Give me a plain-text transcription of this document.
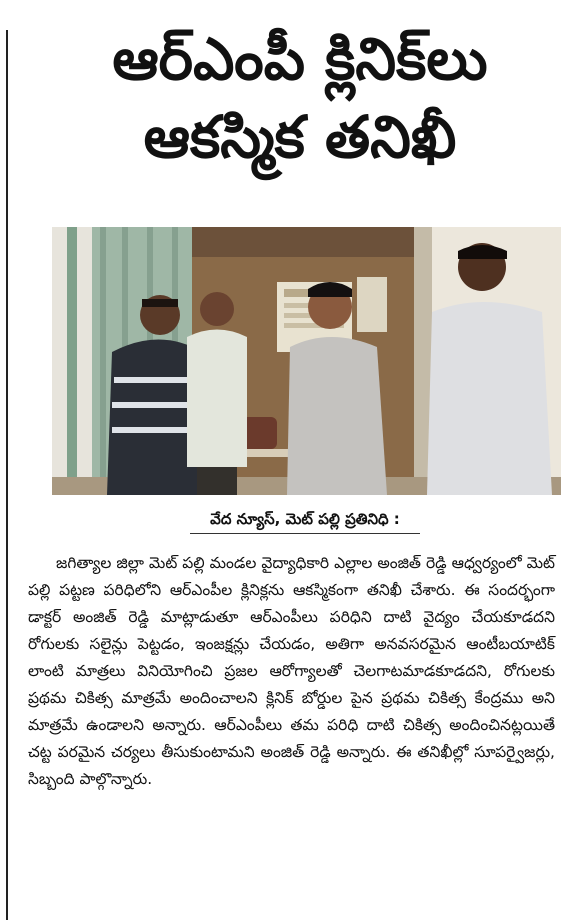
ఆర్ఎంపీ క్లినిక్‌లు
ఆకస్మిక తనిఖీ
వేద న్యూస్, మెట్ పల్లి ప్రతినిధి :

జగిత్యాల జిల్లా మెట్ పల్లి మండల వైద్యాధికారి ఎల్లాల అంజిత్ రెడ్డి ఆధ్వర్యంలో మెట్ పల్లి పట్టణ పరిధిలోని ఆర్ఎంపీల క్లినిక్లను ఆకస్మికంగా తనిఖీ చేశారు. ఈ సందర్భంగా డాక్టర్ అంజిత్ రెడ్డి మాట్లాడుతూ ఆర్ఎంపీలు పరిధిని దాటి వైద్యం చేయకూడదని రోగులకు సలైన్లు పెట్టడం, ఇంజక్షన్లు చేయడం, అతిగా అనవసరమైన ఆంటీబయాటిక్ లాంటి మాత్రలు వినియోగించి ప్రజల ఆరోగ్యాలతో చెలగాటమాడకూడదని, రోగులకు ప్రథమ చికిత్స మాత్రమే అందించాలని క్లినిక్ బోర్డుల పైన ప్రథమ చికిత్స కేంద్రము అని మాత్రమే ఉండాలని అన్నారు. ఆర్ఎంపీలు తమ పరిధి దాటి చికిత్స అందించినట్లయితే చట్ట పరమైన చర్యలు తీసుకుంటామని అంజిత్ రెడ్డి అన్నారు. ఈ తనిఖీల్లో సూపర్వైజర్లు, సిబ్బంది పాల్గొన్నారు.
